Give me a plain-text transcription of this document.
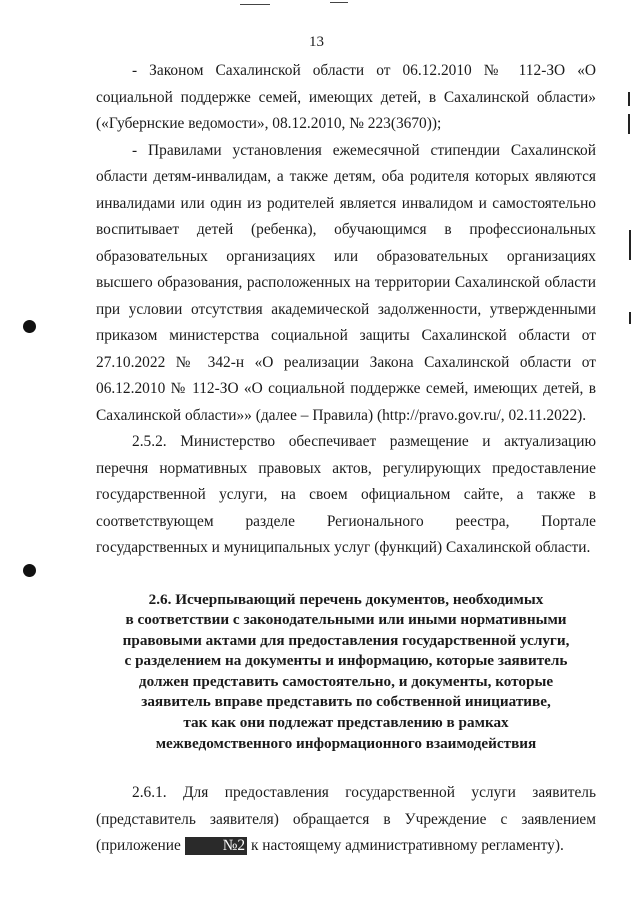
13

- Законом Сахалинской области от 06.12.2010 № 112-ЗО «О социальной поддержке семей, имеющих детей, в Сахалинской области» («Губернские ведомости», 08.12.2010, № 223(3670));

- Правилами установления ежемесячной стипендии Сахалинской области детям-инвалидам, а также детям, оба родителя которых являются инвалидами или один из родителей является инвалидом и самостоятельно воспитывает детей (ребенка), обучающимся в профессиональных образовательных организациях или образовательных организациях высшего образования, расположенных на территории Сахалинской области при условии отсутствия академической задолженности, утвержденными приказом министерства социальной защиты Сахалинской области от 27.10.2022 № 342-н «О реализации Закона Сахалинской области от 06.12.2010 № 112-ЗО «О социальной поддержке семей, имеющих детей, в Сахалинской области»» (далее – Правила) (http://pravo.gov.ru/, 02.11.2022).

2.5.2. Министерство обеспечивает размещение и актуализацию перечня нормативных правовых актов, регулирующих предоставление государственной услуги, на своем официальном сайте, а также в соответствующем разделе Регионального реестра, Портале государственных и муниципальных услуг (функций) Сахалинской области.

2.6. Исчерпывающий перечень документов, необходимых
в соответствии с законодательными или иными нормативными
правовыми актами для предоставления государственной услуги,
с разделением на документы и информацию, которые заявитель
должен представить самостоятельно, и документы, которые
заявитель вправе представить по собственной инициативе,
так как они подлежат представлению в рамках
межведомственного информационного взаимодействия

2.6.1. Для предоставления государственной услуги заявитель (представитель заявителя) обращается в Учреждение с заявлением (приложение №2 к настоящему административному регламенту).
